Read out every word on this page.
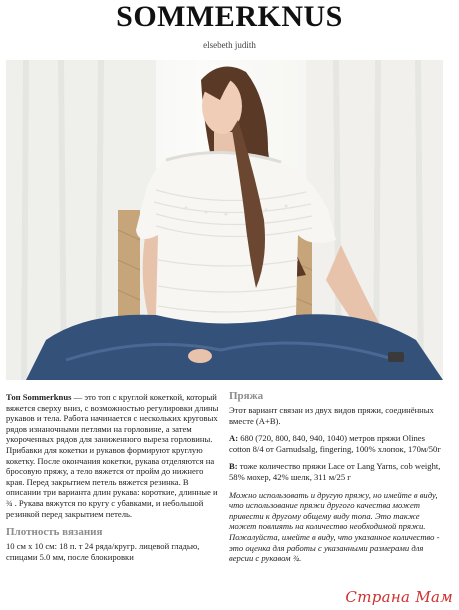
SOMMERKNUS
elsebeth judith
Топ Sommerknus — это топ с круглой кокеткой, который вяжется сверху вниз, с возможностью регулировки длины рукавов и тела. Работа начинается с нескольких круговых рядов изнаночными петлями на горловине, а затем укороченных рядов для заниженного выреза горловины. Прибавки для кокетки и рукавов формируют круглую кокетку. После окончания кокетки, рукава отделяются на бросовую пряжу, а тело вяжется от пройм до нижнего края. Перед закрытием петель вяжется резинка. В описании три варианта длин рукава: короткие, длинные и ¾ . Рукава вяжутся по кругу с убавками, и небольшой резинкой перед закрытием петель.
Плотность вязания
10 см x 10 см: 18 п. т 24 ряда/кругр. лицевой гладью, спицами 5.0 мм, после блокировки
Пряжа
Этот вариант связан из двух видов пряжи, соединённых вместе (A+B).
A: 680 (720, 800, 840, 940, 1040) метров пряжи Olines cotton 8/4 от Garnudsalg, fingering, 100% хлопок, 170м/50г
B: тоже количество пряжи Lace от Lang Yarns, cob weight, 58% мохер, 42% шелк, 311 м/25 г
Можно использовать и другую пряжу, но имейте в виду, что использование пряжи другого качества может привести к другому общему виду топа. Это также может повлиять на количество необходимой пряжи. Пожалуйста, имейте в виду, что указанное количество - это оценка для работы с указанными размерами для версии с рукавом ¾.
Страна Мам
